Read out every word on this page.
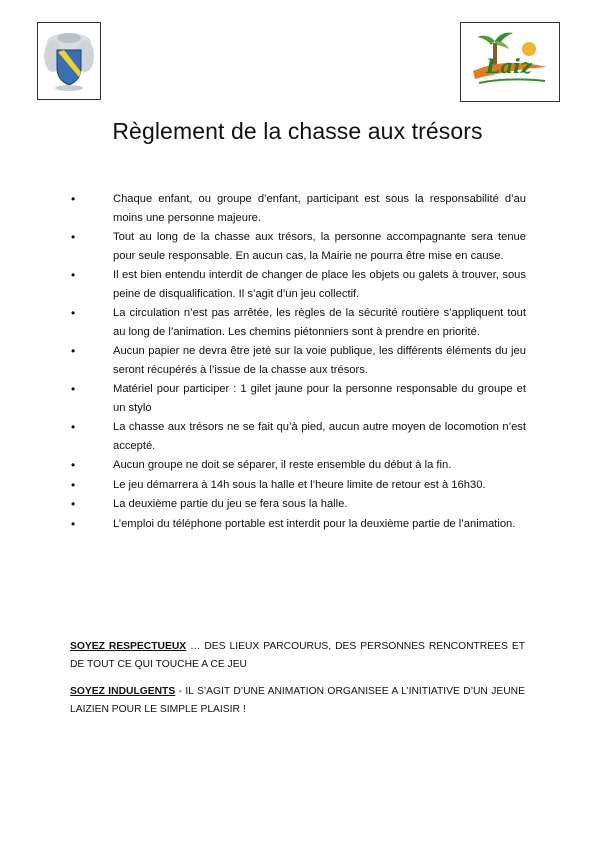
Laiz
Règlement de la chasse aux trésors
•	Chaque enfant, ou groupe d’enfant, participant est sous la responsabilité d’au moins une personne majeure.
•	Tout au long de la chasse aux trésors, la personne accompagnante sera tenue pour seule responsable. En aucun cas, la Mairie ne pourra être mise en cause.
•	Il est bien entendu interdit de changer de place les objets ou galets à trouver, sous peine de disqualification. Il s’agit d’un jeu collectif.
•	La circulation n’est pas arrêtée, les règles de la sécurité routière s’appliquent tout au long de l’animation. Les chemins piétonniers sont à prendre en priorité.
•	Aucun papier ne devra être jeté sur la voie publique, les différents éléments du jeu seront récupérés à l’issue de la chasse aux trésors.
•	Matériel pour participer : 1 gilet jaune pour la personne responsable du groupe et un stylo
•	La chasse aux trésors ne se fait qu’à pied, aucun autre moyen de locomotion n’est accepté.
•	Aucun groupe ne doit se séparer, il reste ensemble du début à la fin.
•	Le jeu démarrera à 14h sous la halle et l’heure limite de retour est à 16h30.
•	La deuxième partie du jeu se fera sous la halle.
•	L’emploi du téléphone portable est interdit pour la deuxième partie de l’animation.
SOYEZ RESPECTUEUX … DES LIEUX PARCOURUS, DES PERSONNES RENCONTREES ET DE TOUT CE QUI TOUCHE A CE JEU
SOYEZ INDULGENTS - IL S’AGIT D’UNE ANIMATION ORGANISEE A L’INITIATIVE D’UN JEUNE LAIZIEN POUR LE SIMPLE PLAISIR !
